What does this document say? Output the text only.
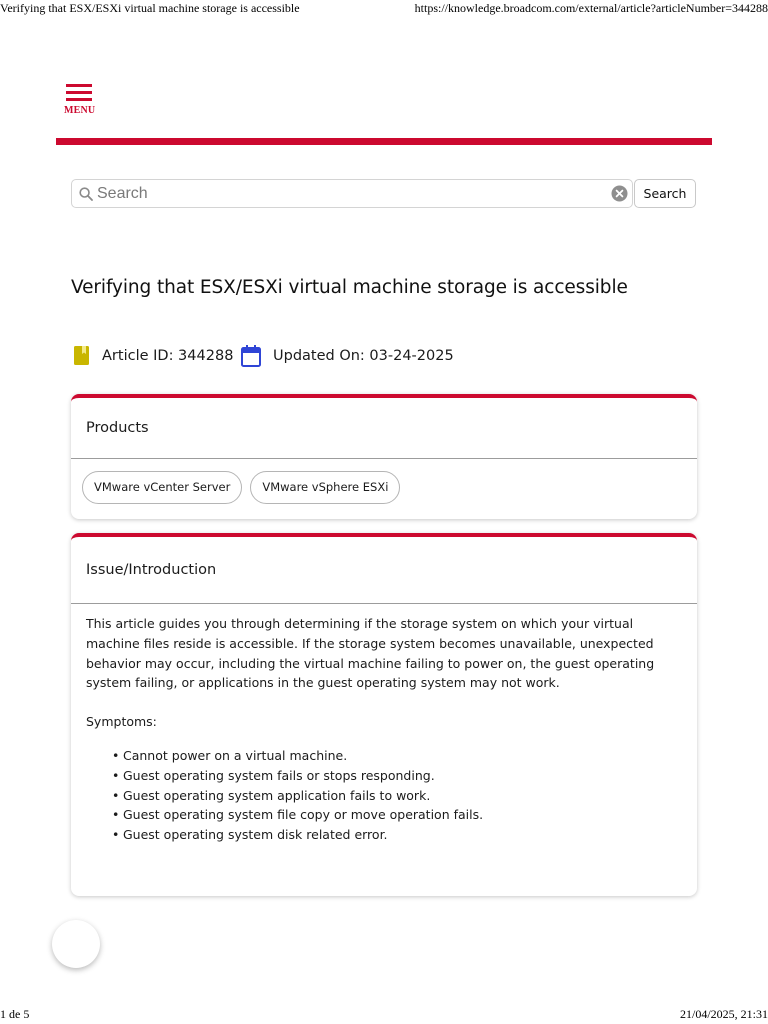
Verifying that ESX/ESXi virtual machine storage is accessible	https://knowledge.broadcom.com/external/article?articleNumber=344288
MENU
Search
Search
Verifying that ESX/ESXi virtual machine storage is accessible
Article ID: 344288	Updated On: 03-24-2025
Products
VMware vCenter Server	VMware vSphere ESXi
Issue/Introduction

This article guides you through determining if the storage system on which your virtual machine files reside is accessible. If the storage system becomes unavailable, unexpected behavior may occur, including the virtual machine failing to power on, the guest operating system failing, or applications in the guest operating system may not work.

Symptoms:

• Cannot power on a virtual machine.
• Guest operating system fails or stops responding.
• Guest operating system application fails to work.
• Guest operating system file copy or move operation fails.
• Guest operating system disk related error.
1 de 5	21/04/2025, 21:31
